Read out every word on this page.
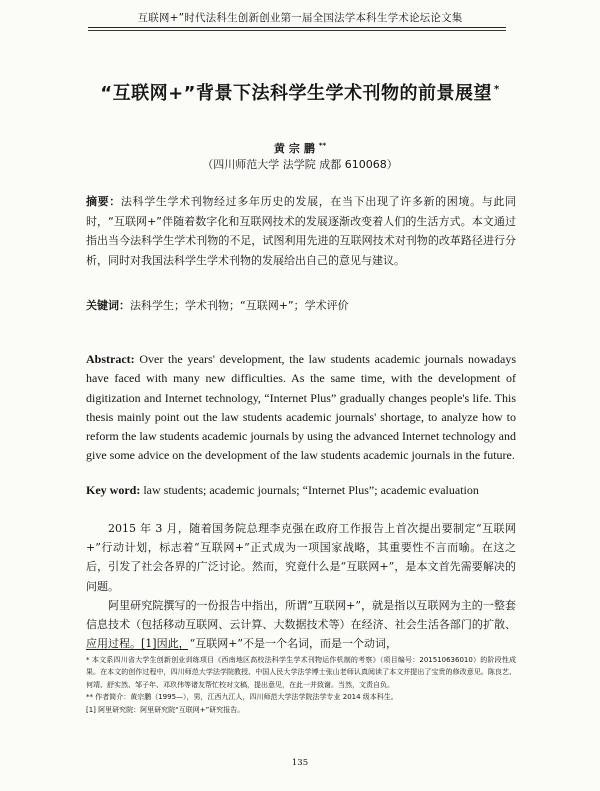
互联网+”时代法科生创新创业第一届全国法学本科生学术论坛论文集
“互联网+”背景下法科学生学术刊物的前景展望 *
黄宗鹏**
（四川师范大学 法学院 成都 610068）
摘要：法科学生学术刊物经过多年历史的发展，在当下出现了许多新的困境。与此同时，“互联网+”伴随着数字化和互联网技术的发展逐渐改变着人们的生活方式。本文通过指出当今法科学生学术刊物的不足，试图利用先进的互联网技术对刊物的改革路径进行分析，同时对我国法科学生学术刊物的发展给出自己的意见与建议。
关键词：法科学生；学术刊物；“互联网+”；学术评价
Abstract: Over the years' development, the law students academic journals nowadays have faced with many new difficulties. As the same time, with the development of digitization and Internet technology, “Internet Plus” gradually changes people's life. This thesis mainly point out the law students academic journals' shortage, to analyze how to reform the law students academic journals by using the advanced Internet technology and give some advice on the development of the law students academic journals in the future.
Key word: law students; academic journals; “Internet Plus”; academic evaluation

2015 年 3 月，随着国务院总理李克强在政府工作报告上首次提出要制定“互联网+”行动计划，标志着“互联网+”正式成为一项国家战略，其重要性不言而喻。在这之后，引发了社会各界的广泛讨论。然而，究竟什么是“互联网+”，是本文首先需要解决的问题。

阿里研究院撰写的一份报告中指出，所谓“互联网+”，就是指以互联网为主的一整套信息技术（包括移动互联网、云计算、大数据技术等）在经济、社会生活各部门的扩散、应用过程。[1]因此，“互联网+”不是一个名词，而是一个动词，

* 本文系四川省大学生创新创业训练项目《西南地区高校法科学生学术刊物运作机制的考察》（项目编号：201510636010）的阶段性成果。在本文的创作过程中，四川师范大学法学院教授、中国人民大学法学博士张山老师认真阅读了本文并提出了宝贵的修改意见。陈良艺、何靖、舒实然、邹子年、邓玖伟等诸友帮忙校对文稿，提出意见，在此一并致谢。当然，文责自负。

** 作者简介：黄宗鹏（1995—），男，江西九江人，四川师范大学法学院法学专业 2014 级本科生。

[1] 阿里研究院：阿里研究院“互联网+”研究报告。

135
